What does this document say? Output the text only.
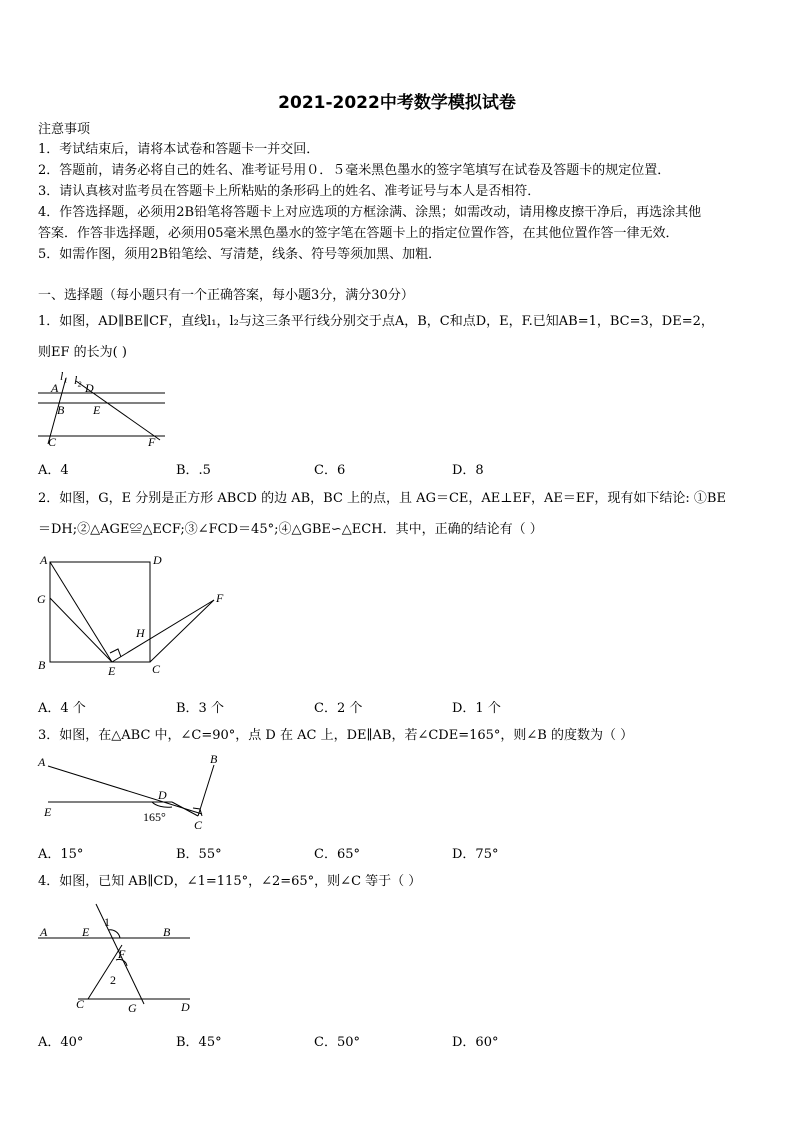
2021-2022中考数学模拟试卷
注意事项
1．考试结束后，请将本试卷和答题卡一并交回．
2．答题前，请务必将自己的姓名、准考证号用０．５毫米黑色墨水的签字笔填写在试卷及答题卡的规定位置．
3．请认真核对监考员在答题卡上所粘贴的条形码上的姓名、准考证号与本人是否相符．
4．作答选择题，必须用2B铅笔将答题卡上对应选项的方框涂满、涂黑；如需改动，请用橡皮擦干净后，再选涂其他
答案．作答非选择题，必须用05毫米黑色墨水的签字笔在答题卡上的指定位置作答，在其他位置作答一律无效．
5．如需作图，须用2B铅笔绘、写清楚，线条、符号等须加黑、加粗．
一、选择题（每小题只有一个正确答案，每小题3分，满分30分）
1．如图，AD∥BE∥CF，直线l₁，l₂与这三条平行线分别交于点A，B，C和点D，E，F.已知AB=1，BC=3，DE=2，
则EF 的长为( )
l₁ l₂
A D
B E
C	F
A．4	B．.5	C．6	D．8
2．如图，G，E 分别是正方形 ABCD 的边 AB，BC 上的点，且 AG＝CE，AE⊥EF，AE＝EF，现有如下结论: ①BE
＝DH;②△AGE≌△ECF;③∠FCD＝45°;④△GBE∽△ECH．其中，正确的结论有（ ）
A	D
G	F
H
B	E	C
A．4 个	B．3 个	C．2 个	D．1 个
3．如图，在△ABC 中，∠C=90°，点 D 在 AC 上，DE∥AB，若∠CDE=165°，则∠B 的度数为（ ）
A	B
D
E	165°
C
A．15°	B．55°	C．65°	D．75°
4．如图，已知 AB∥CD，∠1=115°，∠2=65°，则∠C 等于（ ）
1
A	E	B
F
2
C	G	D
A．40°	B．45°	C．50°	D．60°
